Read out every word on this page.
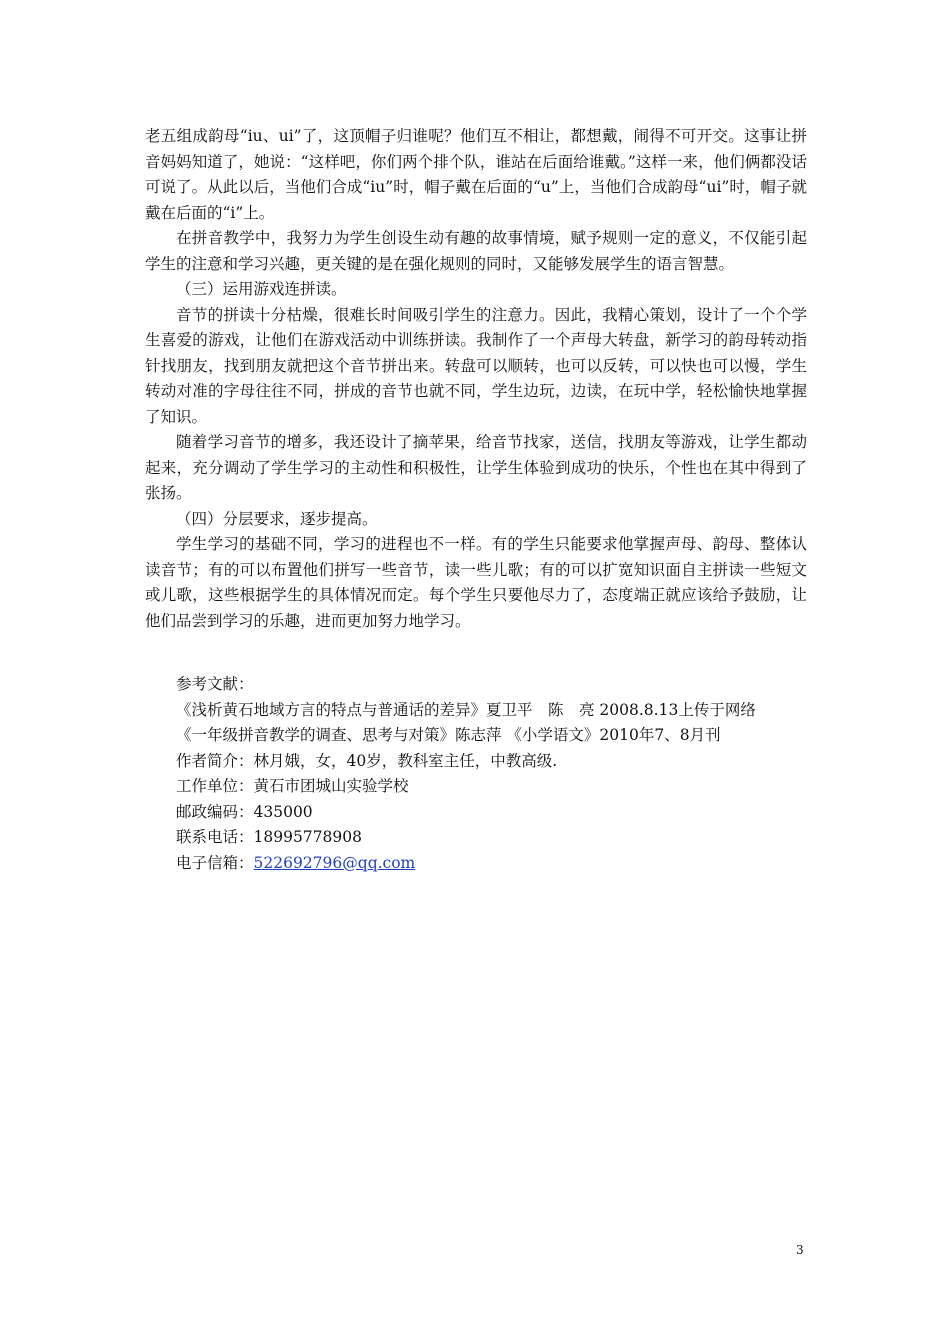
老五组成韵母“iu、ui”了，这顶帽子归谁呢？他们互不相让，都想戴，闹得不可开交。这事让拼音妈妈知道了，她说：“这样吧，你们两个排个队，谁站在后面给谁戴。”这样一来，他们俩都没话可说了。从此以后，当他们合成“iu”时，帽子戴在后面的“u”上，当他们合成韵母“ui”时，帽子就戴在后面的“i”上。

在拼音教学中，我努力为学生创设生动有趣的故事情境，赋予规则一定的意义，不仅能引起学生的注意和学习兴趣，更关键的是在强化规则的同时，又能够发展学生的语言智慧。

（三）运用游戏连拼读。

音节的拼读十分枯燥，很难长时间吸引学生的注意力。因此，我精心策划，设计了一个个学生喜爱的游戏，让他们在游戏活动中训练拼读。我制作了一个声母大转盘，新学习的韵母转动指针找朋友，找到朋友就把这个音节拼出来。转盘可以顺转，也可以反转，可以快也可以慢，学生转动对准的字母往往不同，拼成的音节也就不同，学生边玩，边读，在玩中学，轻松愉快地掌握了知识。

随着学习音节的增多，我还设计了摘苹果，给音节找家，送信，找朋友等游戏，让学生都动起来，充分调动了学生学习的主动性和积极性，让学生体验到成功的快乐，个性也在其中得到了张扬。

（四）分层要求，逐步提高。

学生学习的基础不同，学习的进程也不一样。有的学生只能要求他掌握声母、韵母、整体认读音节；有的可以布置他们拼写一些音节，读一些儿歌；有的可以扩宽知识面自主拼读一些短文或儿歌，这些根据学生的具体情况而定。每个学生只要他尽力了，态度端正就应该给予鼓励，让他们品尝到学习的乐趣，进而更加努力地学习。

参考文献：
《浅析黄石地域方言的特点与普通话的差异》夏卫平　陈　亮 2008.8.13上传于网络
《一年级拼音教学的调查、思考与对策》陈志萍 《小学语文》2010年7、8月刊
作者简介：林月娥，女，40岁，教科室主任，中教高级.
工作单位：黄石市团城山实验学校
邮政编码：435000
联系电话：18995778908
电子信箱：522692796@qq.com
3
